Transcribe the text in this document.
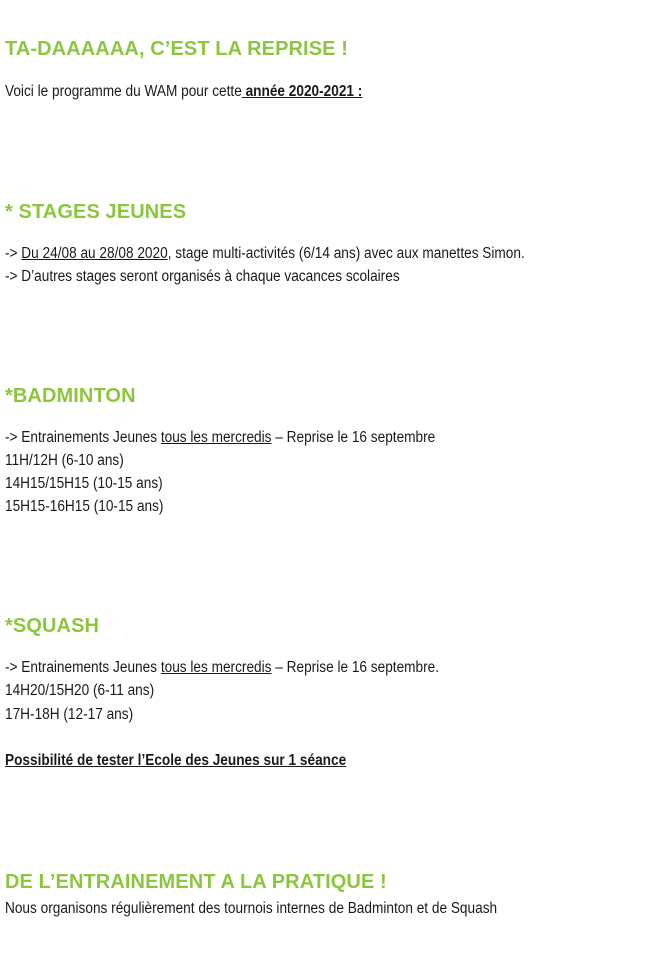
TA-DAAAAAA, C’EST LA REPRISE !
Voici le programme du WAM pour cette année 2020-2021 :
* STAGES JEUNES
-> Du 24/08 au 28/08 2020, stage multi-activités (6/14 ans) avec aux manettes Simon.
-> D’autres stages seront organisés à chaque vacances scolaires
*BADMINTON
-> Entrainements Jeunes tous les mercredis – Reprise le 16 septembre
11H/12H (6-10 ans)
14H15/15H15 (10-15 ans)
15H15-16H15 (10-15 ans)
*SQUASH
-> Entrainements Jeunes tous les mercredis – Reprise le 16 septembre.
14H20/15H20 (6-11 ans)
17H-18H (12-17 ans)
Possibilité de tester l’Ecole des Jeunes sur 1 séance
DE L’ENTRAINEMENT A LA PRATIQUE !
Nous organisons régulièrement des tournois internes de Badminton et de Squash
